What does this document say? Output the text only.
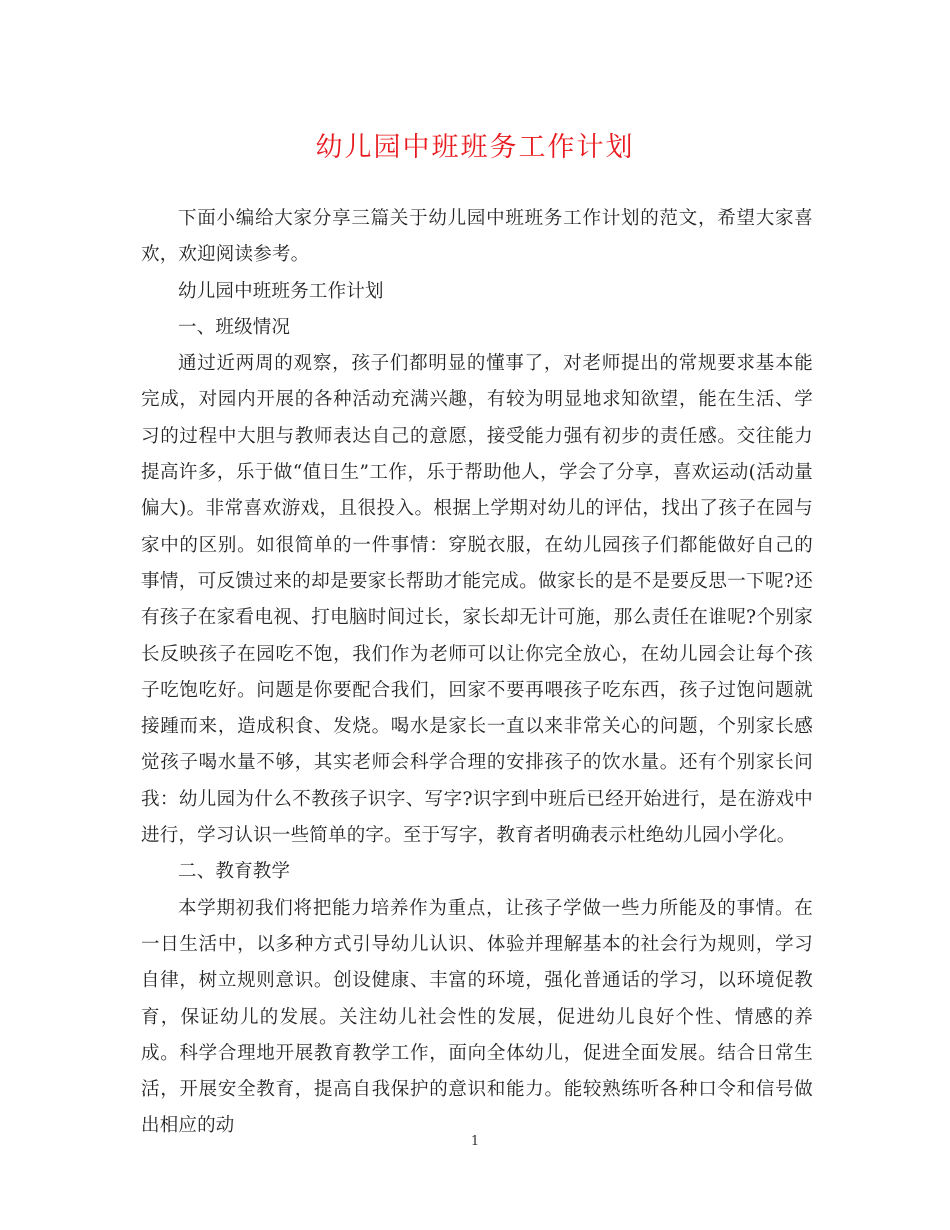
幼儿园中班班务工作计划

下面小编给大家分享三篇关于幼儿园中班班务工作计划的范文，希望大家喜欢，欢迎阅读参考。

幼儿园中班班务工作计划

一、班级情况

通过近两周的观察，孩子们都明显的懂事了，对老师提出的常规要求基本能完成，对园内开展的各种活动充满兴趣，有较为明显地求知欲望，能在生活、学习的过程中大胆与教师表达自己的意愿，接受能力强有初步的责任感。交往能力提高许多，乐于做“值日生”工作，乐于帮助他人，学会了分享，喜欢运动(活动量偏大)。非常喜欢游戏，且很投入。根据上学期对幼儿的评估，找出了孩子在园与家中的区别。如很简单的一件事情：穿脱衣服，在幼儿园孩子们都能做好自己的事情，可反馈过来的却是要家长帮助才能完成。做家长的是不是要反思一下呢?还有孩子在家看电视、打电脑时间过长，家长却无计可施，那么责任在谁呢?个别家长反映孩子在园吃不饱，我们作为老师可以让你完全放心，在幼儿园会让每个孩子吃饱吃好。问题是你要配合我们，回家不要再喂孩子吃东西，孩子过饱问题就接踵而来，造成积食、发烧。喝水是家长一直以来非常关心的问题，个别家长感觉孩子喝水量不够，其实老师会科学合理的安排孩子的饮水量。还有个别家长问我：幼儿园为什么不教孩子识字、写字?识字到中班后已经开始进行，是在游戏中进行，学习认识一些简单的字。至于写字，教育者明确表示杜绝幼儿园小学化。

二、教育教学

本学期初我们将把能力培养作为重点，让孩子学做一些力所能及的事情。在一日生活中，以多种方式引导幼儿认识、体验并理解基本的社会行为规则，学习自律，树立规则意识。创设健康、丰富的环境，强化普通话的学习，以环境促教育，保证幼儿的发展。关注幼儿社会性的发展，促进幼儿良好个性、情感的养成。科学合理地开展教育教学工作，面向全体幼儿，促进全面发展。结合日常生活，开展安全教育，提高自我保护的意识和能力。能较熟练听各种口令和信号做出相应的动

1
